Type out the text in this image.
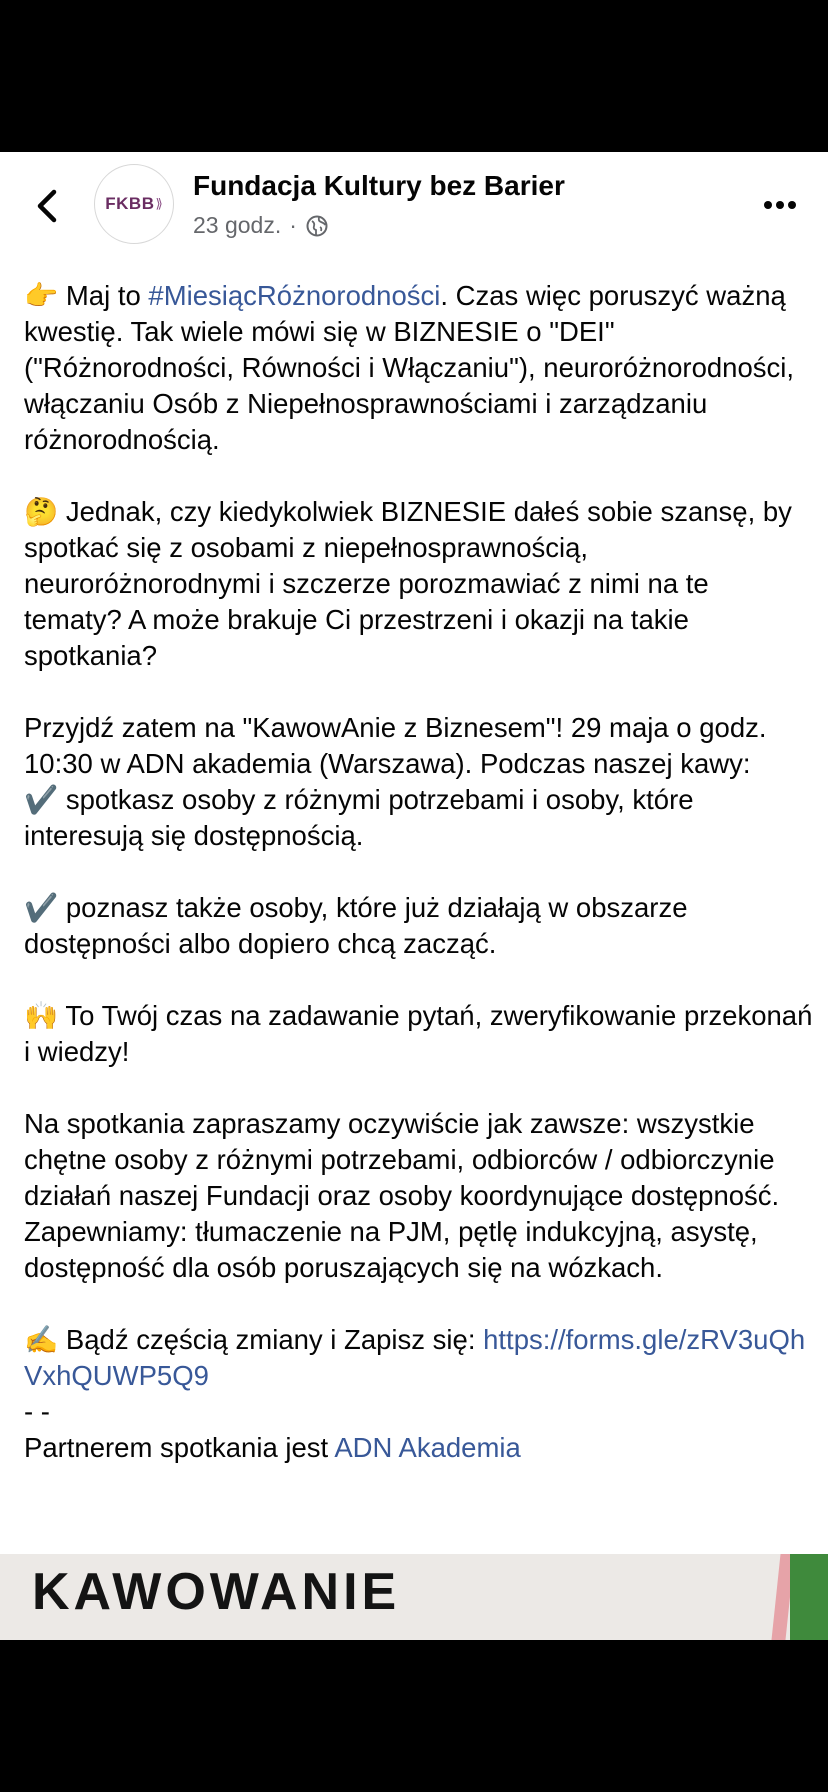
FKBB ⟫
Fundacja Kultury bez Barier
23 godz. ·

👉 Maj to #MiesiącRóżnorodności. Czas więc poruszyć ważną kwestię. Tak wiele mówi się w BIZNESIE o "DEI" ("Różnorodności, Równości i Włączaniu"), neuroróżnorodności, włączaniu Osób z Niepełnosprawnościami i zarządzaniu różnorodnością.

🤔 Jednak, czy kiedykolwiek BIZNESIE dałeś sobie szansę, by spotkać się z osobami z niepełnosprawnością, neuroróżnorodnymi i szczerze porozmawiać z nimi na te tematy? A może brakuje Ci przestrzeni i okazji na takie spotkania?

Przyjdź zatem na "KawowAnie z Biznesem"! 29 maja o godz. 10:30 w ADN akademia (Warszawa). Podczas naszej kawy:
✔️ spotkasz osoby z różnymi potrzebami i osoby, które interesują się dostępnością.

✔️ poznasz także osoby, które już działają w obszarze dostępności albo dopiero chcą zacząć.

🙌 To Twój czas na zadawanie pytań, zweryfikowanie przekonań i wiedzy!

Na spotkania zapraszamy oczywiście jak zawsze: wszystkie chętne osoby z różnymi potrzebami, odbiorców / odbiorczynie działań naszej Fundacji oraz osoby koordynujące dostępność. Zapewniamy: tłumaczenie na PJM, pętlę indukcyjną, asystę, dostępność dla osób poruszających się na wózkach.

✍️ Bądź częścią zmiany i Zapisz się: https://forms.gle/zRV3uQhVxhQUWP5Q9
- -
Partnerem spotkania jest ADN Akademia

KAWOWANIE
